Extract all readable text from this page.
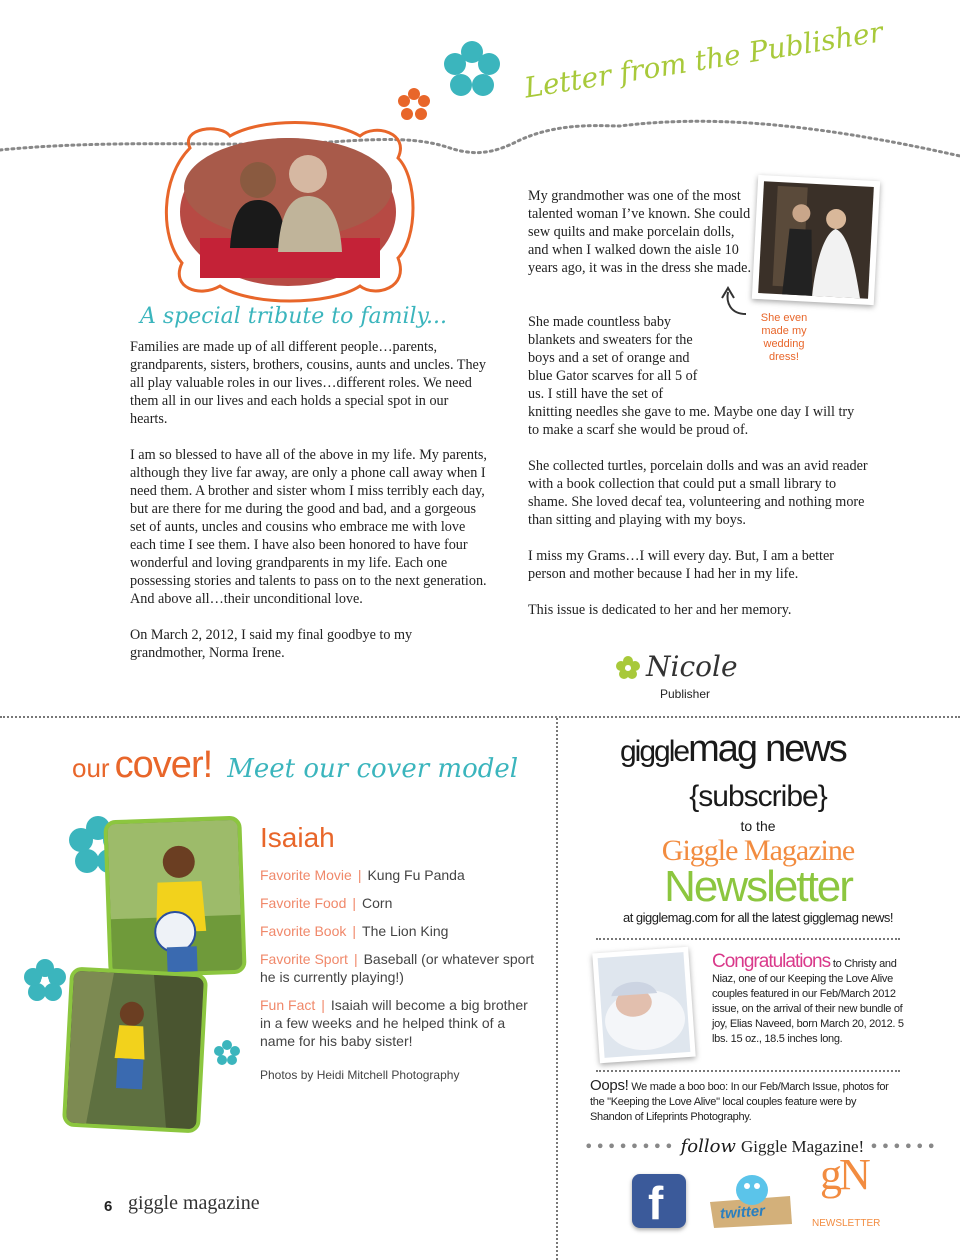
Letter from the Publisher
A special tribute to family...

Families are made up of all different people…parents, grandparents, sisters, brothers, cousins, aunts and uncles. They all play valuable roles in our lives…different roles. We need them all in our lives and each holds a special spot in our hearts.

I am so blessed to have all of the above in my life. My parents, although they live far away, are only a phone call away when I need them. A brother and sister whom I miss terribly each day, but are there for me during the good and bad, and a gorgeous set of aunts, uncles and cousins who embrace me with love each time I see them. I have also been honored to have four wonderful and loving grandparents in my life. Each one possessing stories and talents to pass on to the next generation. And above all…their unconditional love.

On March 2, 2012, I said my final goodbye to my grandmother, Norma Irene.

My grandmother was one of the most talented woman I’ve known. She could sew quilts and make porcelain dolls, and when I walked down the aisle 10 years ago, it was in the dress she made.
She even made my wedding dress!
She made countless baby blankets and sweaters for the boys and a set of orange and blue Gator scarves for all 5 of us. I still have the set of
knitting needles she gave to me. Maybe one day I will try to make a scarf she would be proud of.
She collected turtles, porcelain dolls and was an avid reader with a book collection that could put a small library to shame. She loved decaf tea, volunteering and nothing more than sitting and playing with my boys.
I miss my Grams…I will every day. But, I am a better person and mother because I had her in my life.
This issue is dedicated to her and her memory.
Nicole
Publisher
our cover! Meet our cover model
Isaiah
Favorite Movie | Kung Fu Panda
Favorite Food | Corn
Favorite Book | The Lion King
Favorite Sport | Baseball (or whatever sport he is currently playing!)
Fun Fact | Isaiah will become a big brother in a few weeks and he helped think of a name for his baby sister!
Photos by Heidi Mitchell Photography
gigglemag news
{subscribe}
to the
Giggle Magazine
Newsletter
at gigglemag.com for all the latest gigglemag news!
Congratulations to Christy and Niaz, one of our Keeping the Love Alive couples featured in our Feb/March 2012 issue, on the arrival of their new bundle of joy, Elias Naveed, born March 20, 2012. 5 lbs. 15 oz., 18.5 inches long.
Oops! We made a boo boo: In our Feb/March Issue, photos for the "Keeping the Love Alive" local couples feature were by Shandon of Lifeprints Photography.
•••••••• follow Giggle Magazine! ••••••
f	twitter
gN
NEWSLETTER
6 giggle magazine
